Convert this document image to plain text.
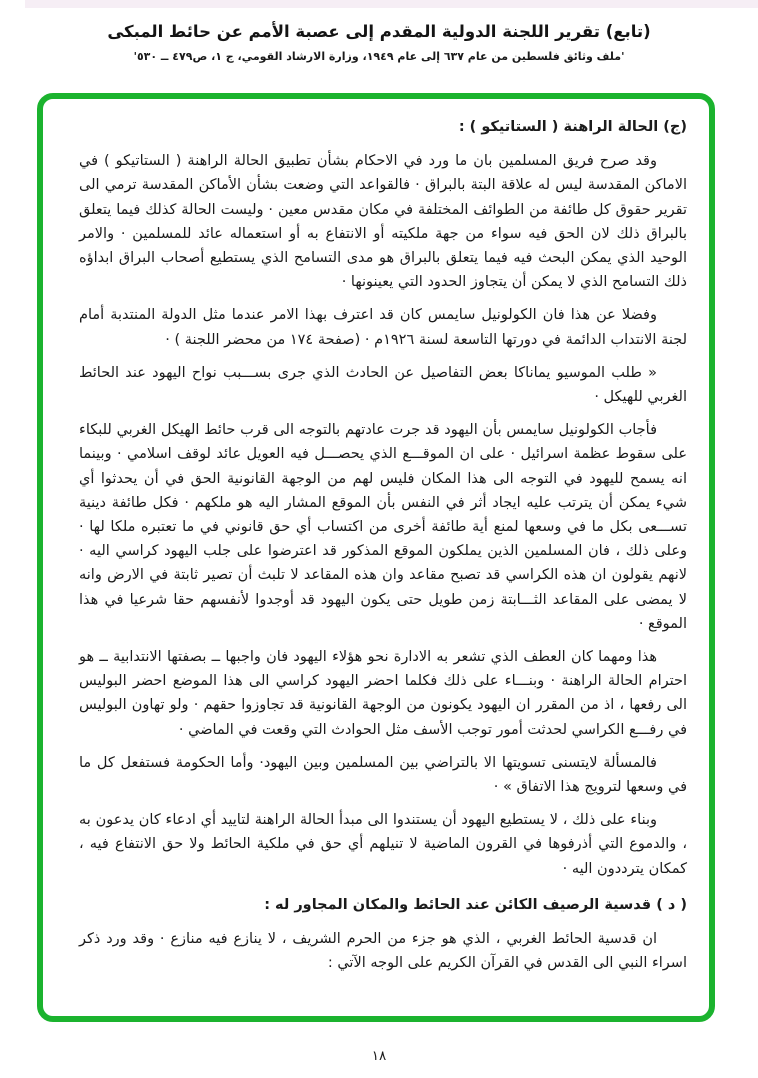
(تابع) تقرير اللجنة الدولية المقدم إلى عصبة الأمم عن حائط المبكى
'ملف وثائق فلسطين من عام ٦٣٧ إلى عام ١٩٤٩، وزارة الارشاد القومي، ج ١، ص٤٧٩ ــ ٥٣٠'

(ج) الحالة الراهنة ( الستاتيكو ) :

وقد صرح فريق المسلمين بان ما ورد في الاحكام بشأن تطبيق الحالة الراهنة ( الستاتيكو ) في الاماكن المقدسة ليس له علاقة البتة بالبراق · فالقواعد التي وضعت بشأن الأماكن المقدسة ترمي الى تقرير حقوق كل طائفة من الطوائف المختلفة في مكان مقدس معين · وليست الحالة كذلك فيما يتعلق بالبراق ذلك لان الحق فيه سواء من جهة ملكيته أو الانتفاع به أو استعماله عائد للمسلمين · والامر الوحيد الذي يمكن البحث فيه فيما يتعلق بالبراق هو مدى التسامح الذي يستطيع أصحاب البراق ابداؤه ذلك التسامح الذي لا يمكن أن يتجاوز الحدود التي يعينونها ·

وفضلا عن هذا فان الكولونيل سايمس كان قد اعترف بهذا الامر عندما مثل الدولة المنتدبة أمام لجنة الانتداب الدائمة في دورتها التاسعة لسنة ١٩٢٦م · (صفحة ١٧٤ من محضر اللجنة ) ·

« طلب الموسيو يماناكا بعض التفاصيل عن الحادث الذي جرى بســـبب نواح اليهود عند الحائط الغربي للهيكل ·

فأجاب الكولونيل سايمس بأن اليهود قد جرت عادتهم بالتوجه الى قرب حائط الهيكل الغربي للبكاء على سقوط عظمة اسرائيل · على ان الموقـــع الذي يحصـــل فيه العويل عائد لوقف اسلامي · وبينما انه يسمح لليهود في التوجه الى هذا المكان فليس لهم من الوجهة القانونية الحق في أن يحدثوا أي شيء يمكن أن يترتب عليه ايجاد أثر في النفس بأن الموقع المشار اليه هو ملكهم · فكل طائفة دينية تســـعى بكل ما في وسعها لمنع أية طائفة أخرى من اكتساب أي حق قانوني في ما تعتبره ملكا لها · وعلى ذلك ، فان المسلمين الذين يملكون الموقع المذكور قد اعترضوا على جلب اليهود كراسي اليه · لانهم يقولون ان هذه الكراسي قد تصبح مقاعد وان هذه المقاعد لا تلبث أن تصير ثابتة في الارض وانه لا يمضى على المقاعد الثـــابتة زمن طويل حتى يكون اليهود قد أوجدوا لأنفسهم حقا شرعيا في هذا الموقع ·

هذا ومهما كان العطف الذي تشعر به الادارة نحو هؤلاء اليهود فان واجبها ــ بصفتها الانتدابية ــ هو احترام الحالة الراهنة · وبنـــاء على ذلك فكلما احضر اليهود كراسي الى هذا الموضع احضر البوليس الى رفعها ، اذ من المقرر ان اليهود يكونون من الوجهة القانونية قد تجاوزوا حقهم · ولو تهاون البوليس في رفـــع الكراسي لحدثت أمور توجب الأسف مثل الحوادث التي وقعت في الماضي ·

فالمسألة لايتسنى تسويتها الا بالتراضي بين المسلمين وبين اليهود· وأما الحكومة فستفعل كل ما في وسعها لترويج هذا الاتفاق » ·

وبناء على ذلك ، لا يستطيع اليهود أن يستندوا الى مبدأ الحالة الراهنة لتاييد أي ادعاء كان يدعون به ، والدموع التي أذرفوها في القرون الماضية لا تنيلهم أي حق في ملكية الحائط ولا حق الانتفاع فيه ، كمكان يترددون اليه ·

( د ) قدسية الرصيف الكائن عند الحائط والمكان المجاور له :

ان قدسية الحائط الغربي ، الذي هو جزء من الحرم الشريف ، لا ينازع فيه منازع · وقد ورد ذكر اسراء النبي الى القدس في القرآن الكريم على الوجه الآتي :

١٨
